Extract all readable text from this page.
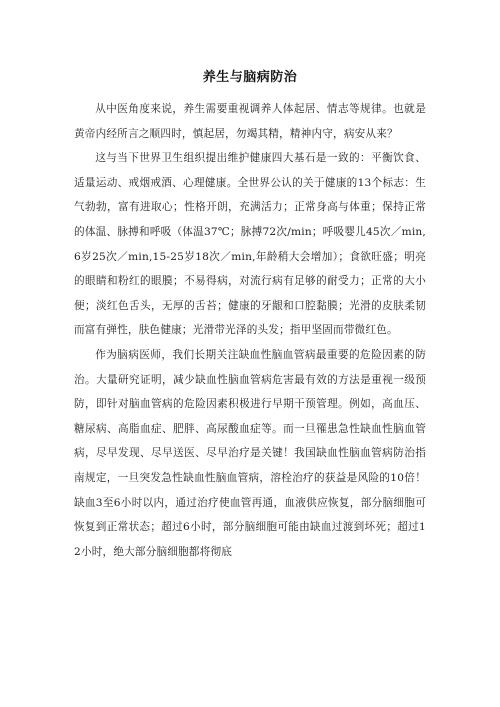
养生与脑病防治

从中医角度来说，养生需要重视调养人体起居、情志等规律。也就是黄帝内经所言之顺四时，慎起居，勿竭其精，精神内守，病安从来？

这与当下世界卫生组织提出维护健康四大基石是一致的：平衡饮食、适量运动、戒烟戒酒、心理健康。全世界公认的关于健康的13个标志：生气勃勃，富有进取心；性格开朗，充满活力；正常身高与体重；保持正常的体温、脉搏和呼吸（体温37℃；脉搏72次/min；呼吸婴儿45次／min,6岁25次／min,15-25岁18次／min,年龄稍大会增加）；食欲旺盛；明亮的眼睛和粉红的眼膜；不易得病，对流行病有足够的耐受力；正常的大小便；淡红色舌头，无厚的舌苔；健康的牙龈和口腔黏膜；光滑的皮肤柔韧而富有弹性，肤色健康；光滑带光泽的头发；指甲坚固而带微红色。

作为脑病医师，我们长期关注缺血性脑血管病最重要的危险因素的防治。大量研究证明，减少缺血性脑血管病危害最有效的方法是重视一级预防，即针对脑血管病的危险因素积极进行早期干预管理。例如，高血压、糖尿病、高脂血症、肥胖、高尿酸血症等。而一旦罹患急性缺血性脑血管病，尽早发现、尽早送医、尽早治疗是关键！我国缺血性脑血管病防治指南规定，一旦突发急性缺血性脑血管病，溶栓治疗的获益是风险的10倍！缺血3至6小时以内，通过治疗使血管再通，血液供应恢复，部分脑细胞可恢复到正常状态；超过6小时，部分脑细胞可能由缺血过渡到坏死；超过12小时，绝大部分脑细胞都将彻底
